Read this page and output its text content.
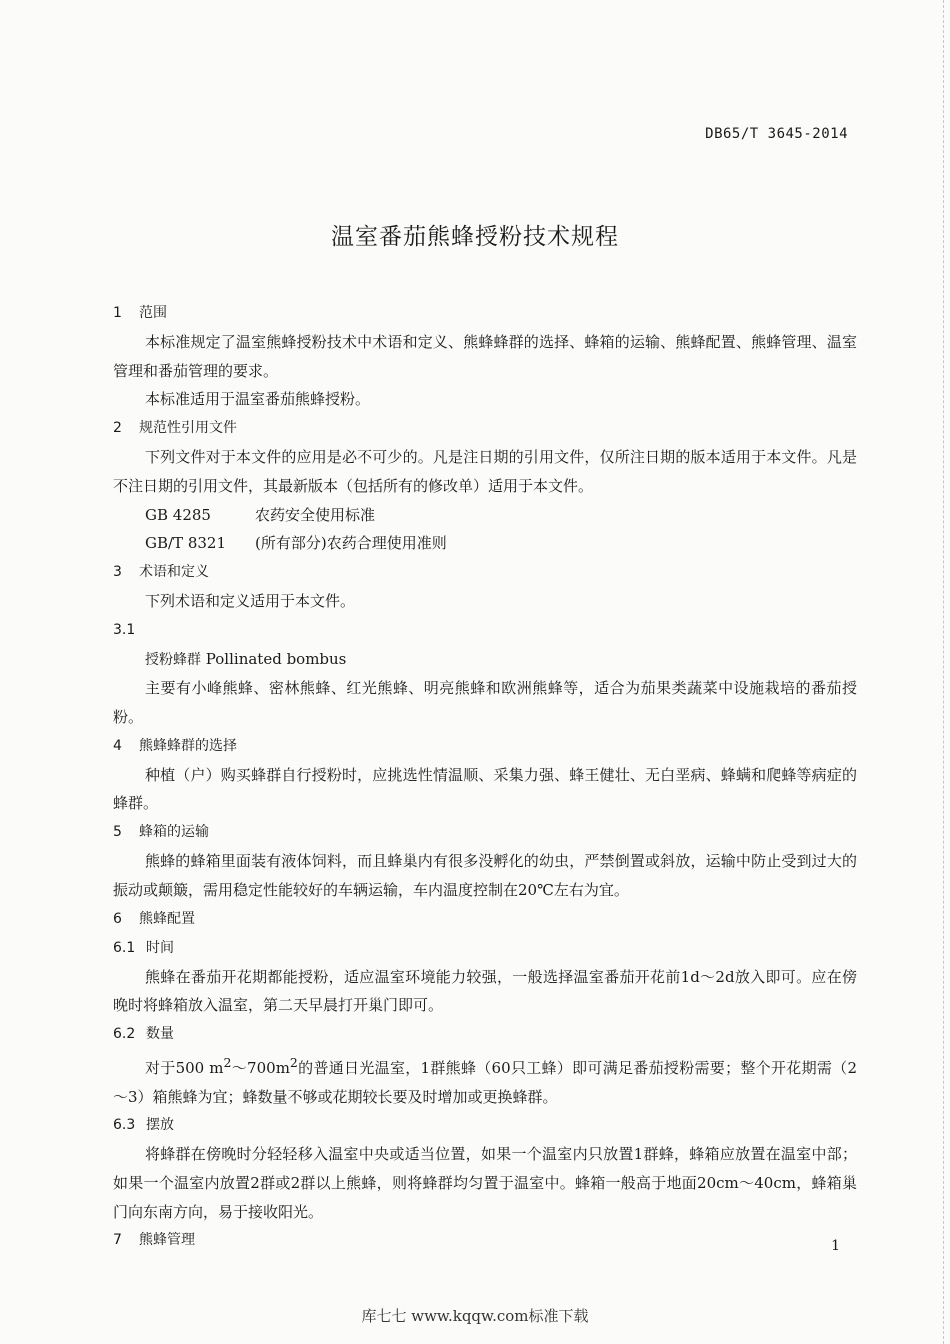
DB65/T 3645-2014
温室番茄熊蜂授粉技术规程
1 范围
本标准规定了温室熊蜂授粉技术中术语和定义、熊蜂蜂群的选择、蜂箱的运输、熊蜂配置、熊蜂管理、温室管理和番茄管理的要求。
本标准适用于温室番茄熊蜂授粉。
2 规范性引用文件
下列文件对于本文件的应用是必不可少的。凡是注日期的引用文件，仅所注日期的版本适用于本文件。凡是不注日期的引用文件，其最新版本（包括所有的修改单）适用于本文件。
GB 4285	农药安全使用标准
GB/T 8321	(所有部分)农药合理使用准则
3 术语和定义
下列术语和定义适用于本文件。
3.1
授粉蜂群 Pollinated bombus
主要有小峰熊蜂、密林熊蜂、红光熊蜂、明亮熊蜂和欧洲熊蜂等，适合为茄果类蔬菜中设施栽培的番茄授粉。
4 熊蜂蜂群的选择
种植（户）购买蜂群自行授粉时，应挑选性情温顺、采集力强、蜂王健壮、无白垩病、蜂螨和爬蜂等病症的蜂群。
5 蜂箱的运输
熊蜂的蜂箱里面装有液体饲料，而且蜂巢内有很多没孵化的幼虫，严禁倒置或斜放，运输中防止受到过大的振动或颠簸，需用稳定性能较好的车辆运输，车内温度控制在20℃左右为宜。
6 熊蜂配置
6.1 时间
熊蜂在番茄开花期都能授粉，适应温室环境能力较强，一般选择温室番茄开花前1d～2d放入即可。应在傍晚时将蜂箱放入温室，第二天早晨打开巢门即可。
6.2 数量
对于500 $m^2\sim 700m^2$的普通日光温室，1群熊蜂（60只工蜂）即可满足番茄授粉需要；整个开花期需（2～3）箱熊蜂为宜；蜂数量不够或花期较长要及时增加或更换蜂群。
6.3 摆放
将蜂群在傍晚时分轻轻移入温室中央或适当位置，如果一个温室内只放置1群蜂，蜂箱应放置在温室中部；如果一个温室内放置2群或2群以上熊蜂，则将蜂群均匀置于温室中。蜂箱一般高于地面20cm～40cm，蜂箱巢门向东南方向，易于接收阳光。
7 熊蜂管理	1
库七七 www.kqqw.com标准下载
